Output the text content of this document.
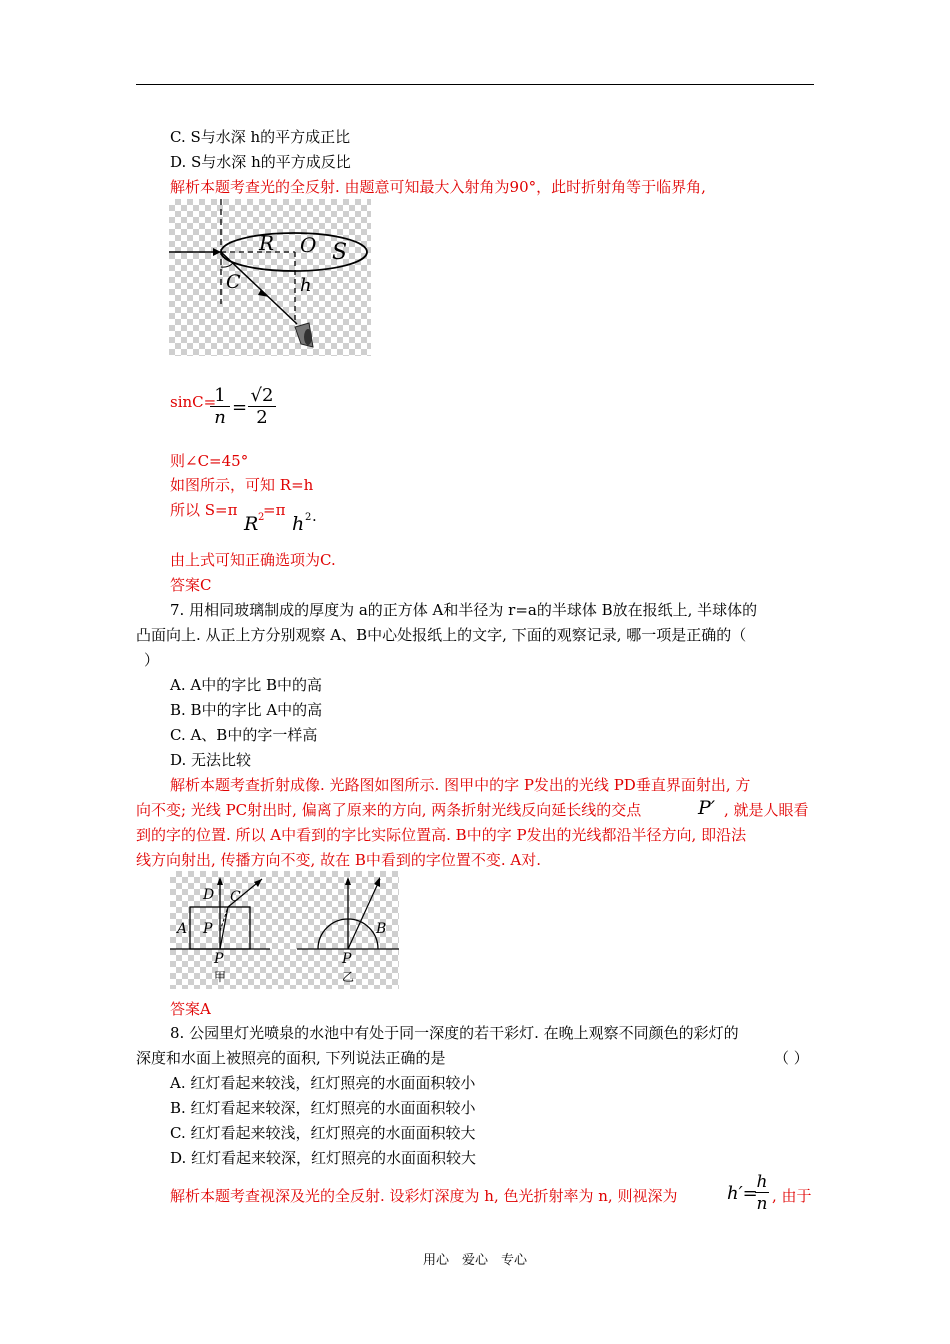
C. S与水深 h的平方成正比
D. S与水深 h的平方成反比
解析本题考查光的全反射. 由题意可知最大入射角为90°，此时折射角等于临界角,
R O S
C	h
sinC=
$\frac{1}{n} = \frac{√2}{2}$
则∠C=45°
如图所示，可知 R=h
所以 S=π
R 2
=π
h 2 .
由上式可知正确选项为C.
答案C
7. 用相同玻璃制成的厚度为 a的正方体 A和半径为 r=a的半球体 B放在报纸上, 半球体的
凸面向上. 从正上方分别观察 A、B中心处报纸上的文字, 下面的观察记录, 哪一项是正确的（
）
A. A中的字比 B中的高
B. B中的字比 A中的高
C. A、B中的字一样高
D. 无法比较
解析本题考查折射成像. 光路图如图所示. 图甲中的字 P发出的光线 PD垂直界面射出, 方
向不变; 光线 PC射出时, 偏离了原来的方向, 两条折射光线反向延长线的交点	P′ , 就是人眼看
到的字的位置. 所以 A中看到的字比实际位置高. B中的字 P发出的光线都沿半径方向, 即沿法
线方向射出, 传播方向不变, 故在 B中看到的字位置不变. A对.
D C
A P
P
甲
B
P
乙
答案A
8. 公园里灯光喷泉的水池中有处于同一深度的若干彩灯. 在晚上观察不同颜色的彩灯的
深度和水面上被照亮的面积, 下列说法正确的是	（ ）
A. 红灯看起来较浅，红灯照亮的水面面积较小
B. 红灯看起来较深，红灯照亮的水面面积较小
C. 红灯看起来较浅，红灯照亮的水面面积较大
D. 红灯看起来较深，红灯照亮的水面面积较大
解析本题考查视深及光的全反射. 设彩灯深度为 h, 色光折射率为 n, 则视深为	h′=
$\frac{h}{n}$ , 由于
用心　爱心　专心
